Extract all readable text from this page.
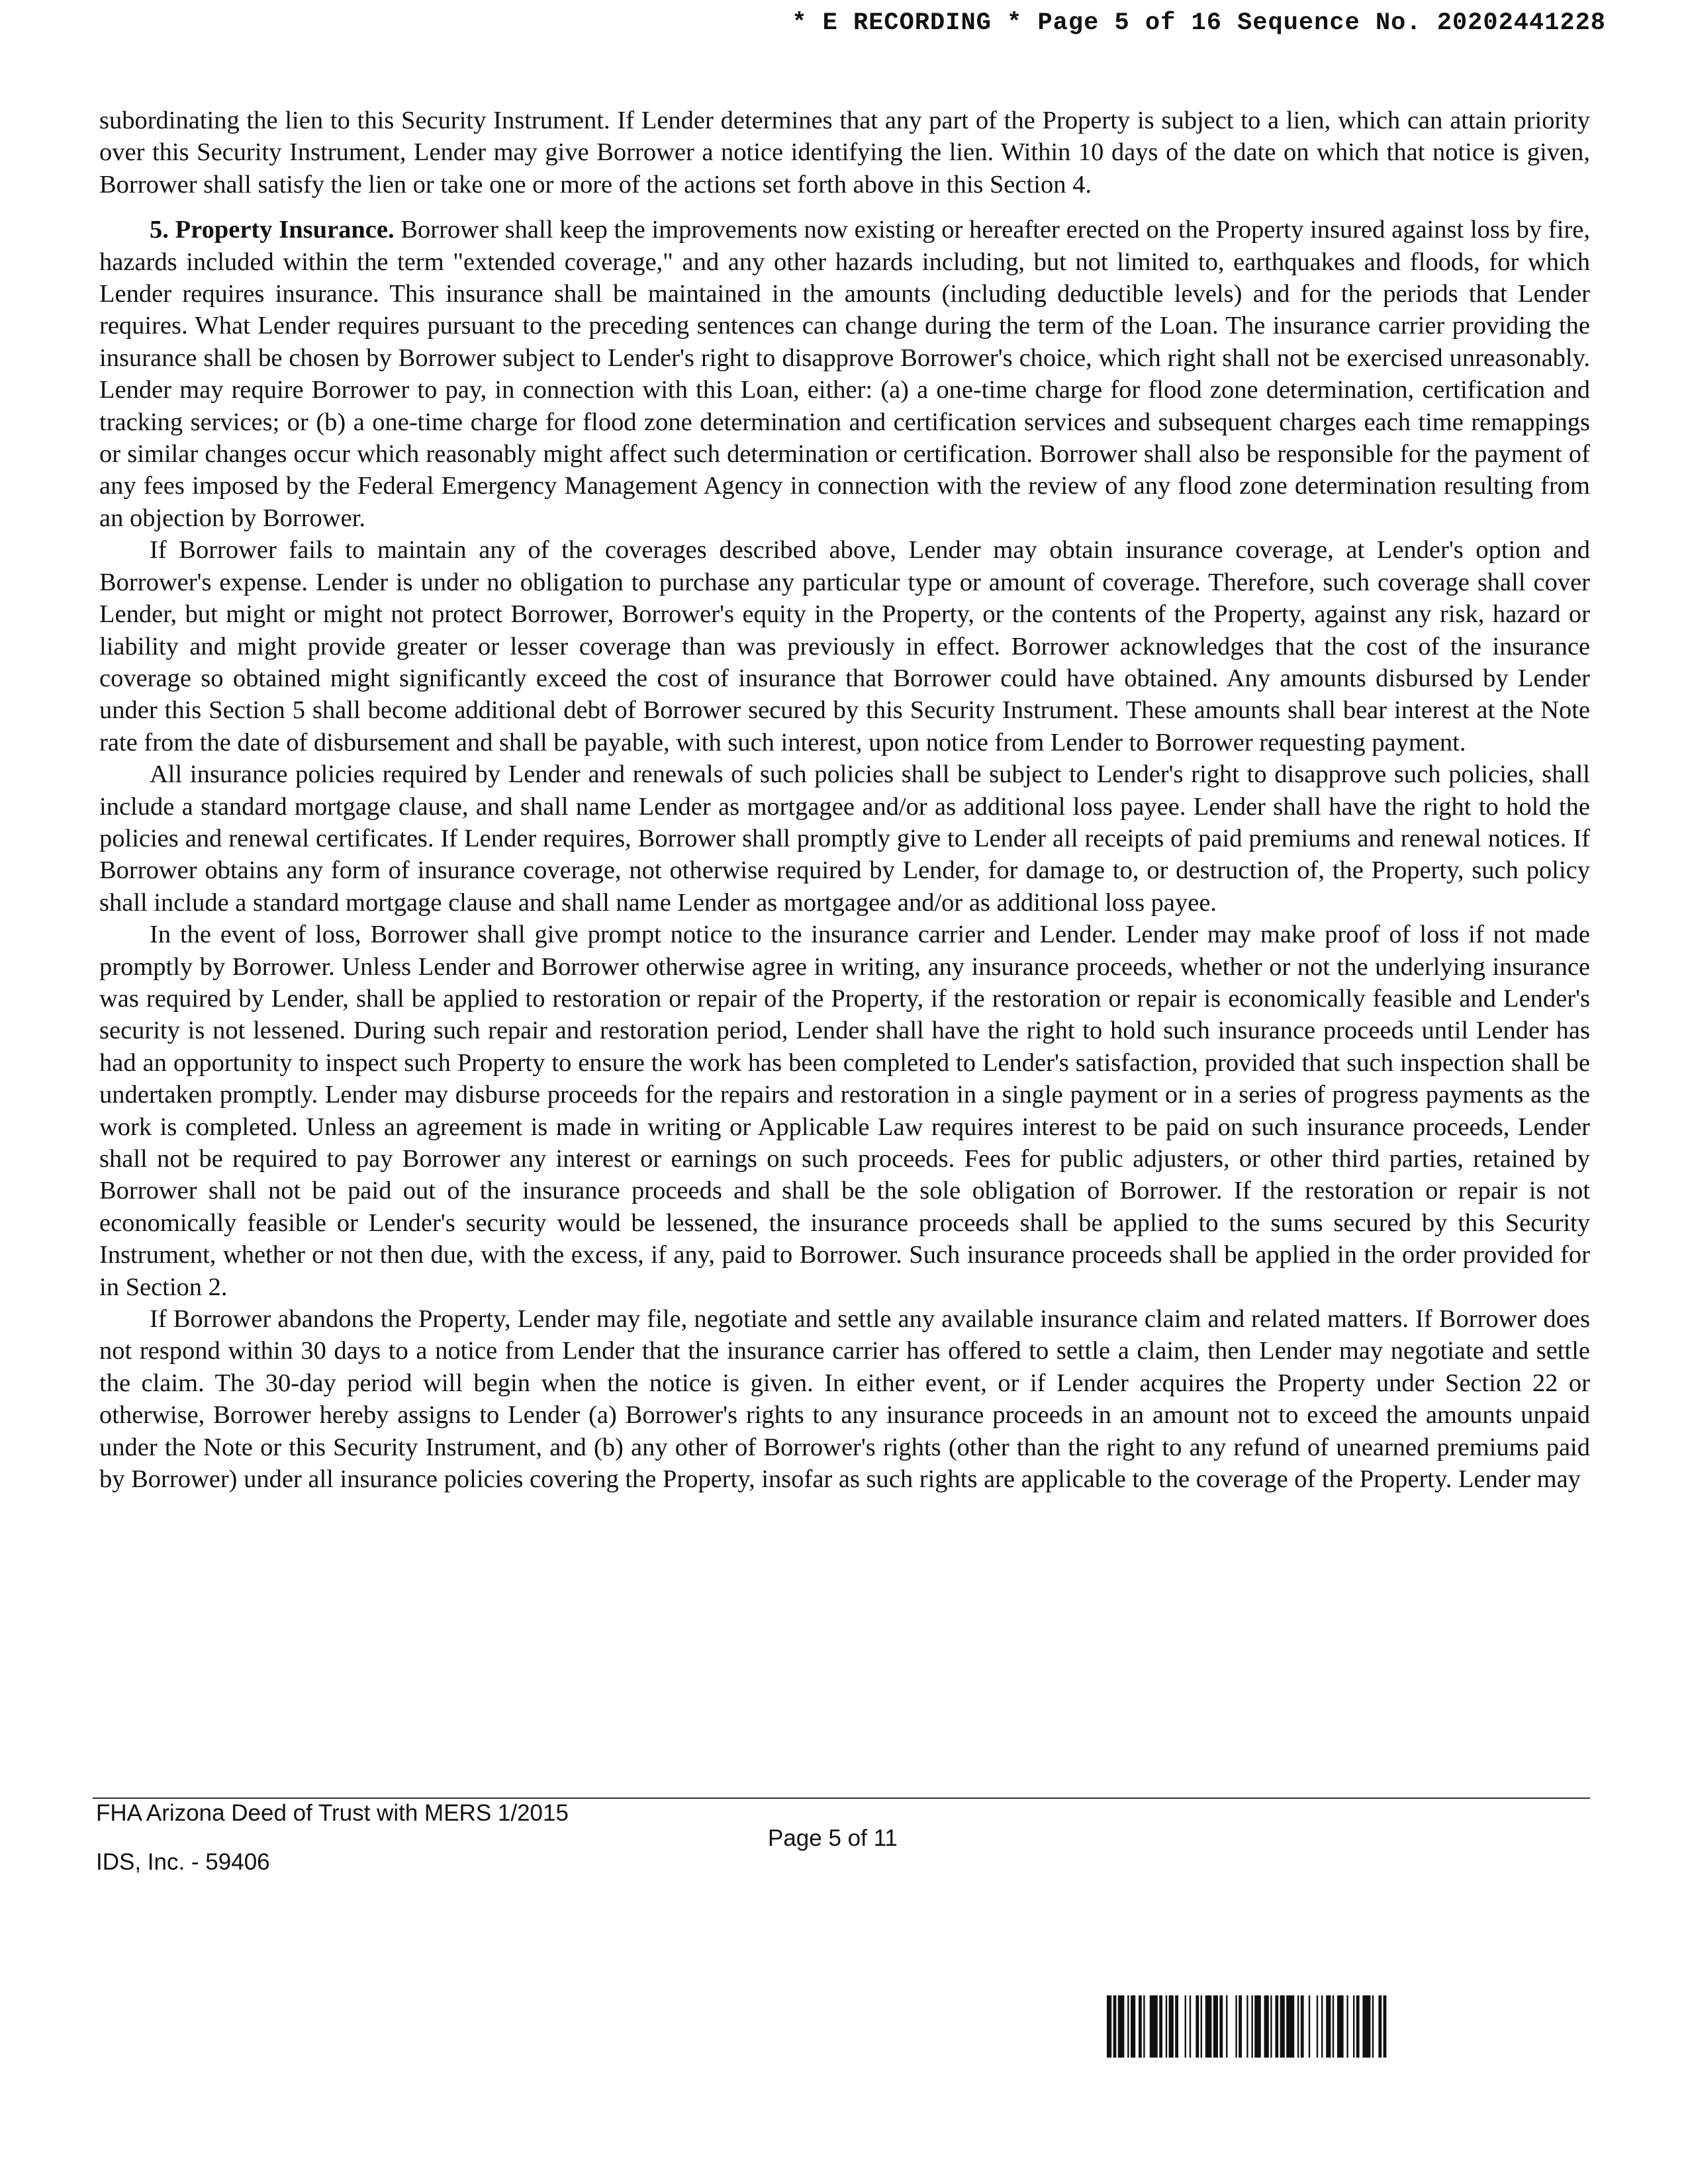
* E RECORDING * Page 5 of 16 Sequence No. 20202441228

subordinating the lien to this Security Instrument. If Lender determines that any part of the Property is subject to a lien, which can attain priority over this Security Instrument, Lender may give Borrower a notice identifying the lien. Within 10 days of the date on which that notice is given, Borrower shall satisfy the lien or take one or more of the actions set forth above in this Section 4.

5. Property Insurance. Borrower shall keep the improvements now existing or hereafter erected on the Property insured against loss by fire, hazards included within the term "extended coverage," and any other hazards including, but not limited to, earthquakes and floods, for which Lender requires insurance. This insurance shall be maintained in the amounts (including deductible levels) and for the periods that Lender requires. What Lender requires pursuant to the preceding sentences can change during the term of the Loan. The insurance carrier providing the insurance shall be chosen by Borrower subject to Lender's right to disapprove Borrower's choice, which right shall not be exercised unreasonably. Lender may require Borrower to pay, in connection with this Loan, either: (a) a one-time charge for flood zone determination, certification and tracking services; or (b) a one-time charge for flood zone determination and certification services and subsequent charges each time remappings or similar changes occur which reasonably might affect such determination or certification. Borrower shall also be responsible for the payment of any fees imposed by the Federal Emergency Management Agency in connection with the review of any flood zone determination resulting from an objection by Borrower.

If Borrower fails to maintain any of the coverages described above, Lender may obtain insurance coverage, at Lender's option and Borrower's expense. Lender is under no obligation to purchase any particular type or amount of coverage. Therefore, such coverage shall cover Lender, but might or might not protect Borrower, Borrower's equity in the Property, or the contents of the Property, against any risk, hazard or liability and might provide greater or lesser coverage than was previously in effect. Borrower acknowledges that the cost of the insurance coverage so obtained might significantly exceed the cost of insurance that Borrower could have obtained. Any amounts disbursed by Lender under this Section 5 shall become additional debt of Borrower secured by this Security Instrument. These amounts shall bear interest at the Note rate from the date of disbursement and shall be payable, with such interest, upon notice from Lender to Borrower requesting payment.

All insurance policies required by Lender and renewals of such policies shall be subject to Lender's right to disapprove such policies, shall include a standard mortgage clause, and shall name Lender as mortgagee and/or as additional loss payee. Lender shall have the right to hold the policies and renewal certificates. If Lender requires, Borrower shall promptly give to Lender all receipts of paid premiums and renewal notices. If Borrower obtains any form of insurance coverage, not otherwise required by Lender, for damage to, or destruction of, the Property, such policy shall include a standard mortgage clause and shall name Lender as mortgagee and/or as additional loss payee.

In the event of loss, Borrower shall give prompt notice to the insurance carrier and Lender. Lender may make proof of loss if not made promptly by Borrower. Unless Lender and Borrower otherwise agree in writing, any insurance proceeds, whether or not the underlying insurance was required by Lender, shall be applied to restoration or repair of the Property, if the restoration or repair is economically feasible and Lender's security is not lessened. During such repair and restoration period, Lender shall have the right to hold such insurance proceeds until Lender has had an opportunity to inspect such Property to ensure the work has been completed to Lender's satisfaction, provided that such inspection shall be undertaken promptly. Lender may disburse proceeds for the repairs and restoration in a single payment or in a series of progress payments as the work is completed. Unless an agreement is made in writing or Applicable Law requires interest to be paid on such insurance proceeds, Lender shall not be required to pay Borrower any interest or earnings on such proceeds. Fees for public adjusters, or other third parties, retained by Borrower shall not be paid out of the insurance proceeds and shall be the sole obligation of Borrower. If the restoration or repair is not economically feasible or Lender's security would be lessened, the insurance proceeds shall be applied to the sums secured by this Security Instrument, whether or not then due, with the excess, if any, paid to Borrower. Such insurance proceeds shall be applied in the order provided for in Section 2.

If Borrower abandons the Property, Lender may file, negotiate and settle any available insurance claim and related matters. If Borrower does not respond within 30 days to a notice from Lender that the insurance carrier has offered to settle a claim, then Lender may negotiate and settle the claim. The 30-day period will begin when the notice is given. In either event, or if Lender acquires the Property under Section 22 or otherwise, Borrower hereby assigns to Lender (a) Borrower's rights to any insurance proceeds in an amount not to exceed the amounts unpaid under the Note or this Security Instrument, and (b) any other of Borrower's rights (other than the right to any refund of unearned premiums paid by Borrower) under all insurance policies covering the Property, insofar as such rights are applicable to the coverage of the Property. Lender may

FHA Arizona Deed of Trust with MERS 1/2015
Page 5 of 11
IDS, Inc. - 59406
